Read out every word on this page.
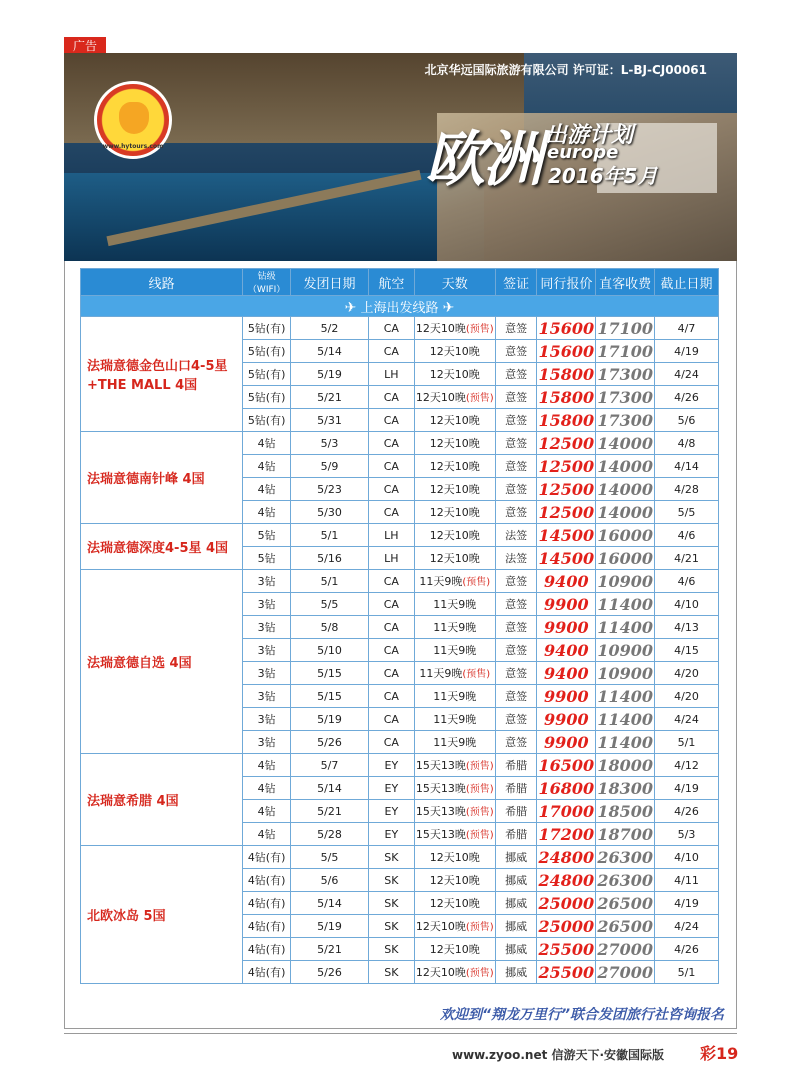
广告
北京华远国际旅游有限公司 许可证：L-BJ-CJ00061
www.hytours.com	欧洲 出游计划
europe
2016年5月
线路	钻级（WIFI）	发团日期	航空	天数	签证	同行报价	直客收费	截止日期
✈ 上海出发线路 ✈								
法瑞意德金色山口4-5星 +THE MALL 4国	5钻(有)	5/2	CA	12天10晚(预售)	意签	15600	17100	4/7
	5钻(有)	5/14	CA	12天10晚	意签	15600	17100	4/19
	5钻(有)	5/19	LH	12天10晚	意签	15800	17300	4/24
	5钻(有)	5/21	CA	12天10晚(预售)	意签	15800	17300	4/26
	5钻(有)	5/31	CA	12天10晚	意签	15800	17300	5/6
法瑞意德南针峰 4国	4钻	5/3	CA	12天10晚	意签	12500	14000	4/8
	4钻	5/9	CA	12天10晚	意签	12500	14000	4/14
	4钻	5/23	CA	12天10晚	意签	12500	14000	4/28
	4钻	5/30	CA	12天10晚	意签	12500	14000	5/5
法瑞意德深度4-5星 4国	5钻	5/1	LH	12天10晚	法签	14500	16000	4/6
	5钻	5/16	LH	12天10晚	法签	14500	16000	4/21
法瑞意德自选 4国	3钻	5/1	CA	11天9晚(预售)	意签	9400	10900	4/6
	3钻	5/5	CA	11天9晚	意签	9900	11400	4/10
	3钻	5/8	CA	11天9晚	意签	9900	11400	4/13
	3钻	5/10	CA	11天9晚	意签	9400	10900	4/15
	3钻	5/15	CA	11天9晚(预售)	意签	9400	10900	4/20
	3钻	5/15	CA	11天9晚	意签	9900	11400	4/20
	3钻	5/19	CA	11天9晚	意签	9900	11400	4/24
	3钻	5/26	CA	11天9晚	意签	9900	11400	5/1
法瑞意希腊 4国	4钻	5/7	EY	15天13晚(预售)	希腊	16500	18000	4/12
	4钻	5/14	EY	15天13晚(预售)	希腊	16800	18300	4/19
	4钻	5/21	EY	15天13晚(预售)	希腊	17000	18500	4/26
	4钻	5/28	EY	15天13晚(预售)	希腊	17200	18700	5/3
北欧冰岛 5国	4钻(有)	5/5	SK	12天10晚	挪威	24800	26300	4/10
	4钻(有)	5/6	SK	12天10晚	挪威	24800	26300	4/11
	4钻(有)	5/14	SK	12天10晚	挪威	25000	26500	4/19
	4钻(有)	5/19	SK	12天10晚(预售)	挪威	25000	26500	4/24
	4钻(有)	5/21	SK	12天10晚	挪威	25500	27000	4/26
	4钻(有)	5/26	SK	12天10晚(预售)	挪威	25500	27000	5/1
欢迎到“翔龙万里行”联合发团旅行社咨询报名
www.zyoo.net 信游天下·安徽国际版 彩19
